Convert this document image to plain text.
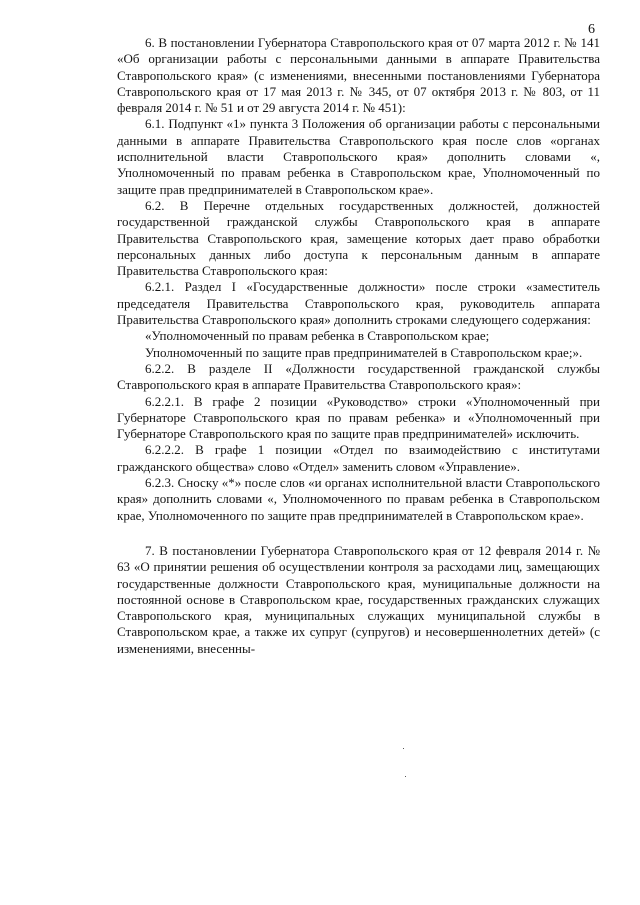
6

6. В постановлении Губернатора Ставропольского края от 07 марта 2012 г. № 141 «Об организации работы с персональными данными в аппарате Правительства Ставропольского края» (с изменениями, внесенными постановлениями Губернатора Ставропольского края от 17 мая 2013 г. № 345, от 07 октября 2013 г. № 803, от 11 февраля 2014 г. № 51 и от 29 августа 2014 г. № 451):

6.1. Подпункт «1» пункта 3 Положения об организации работы с персональными данными в аппарате Правительства Ставропольского края после слов «органах исполнительной власти Ставропольского края» дополнить словами «, Уполномоченный по правам ребенка в Ставропольском крае, Уполномоченный по защите прав предпринимателей в Ставропольском крае».

6.2. В Перечне отдельных государственных должностей, должностей государственной гражданской службы Ставропольского края в аппарате Правительства Ставропольского края, замещение которых дает право обработки персональных данных либо доступа к персональным данным в аппарате Правительства Ставропольского края:

6.2.1. Раздел I «Государственные должности» после строки «заместитель председателя Правительства Ставропольского края, руководитель аппарата Правительства Ставропольского края» дополнить строками следующего содержания:

«Уполномоченный по правам ребенка в Ставропольском крае;

Уполномоченный по защите прав предпринимателей в Ставропольском крае;».

6.2.2. В разделе II «Должности государственной гражданской службы Ставропольского края в аппарате Правительства Ставропольского края»:

6.2.2.1. В графе 2 позиции «Руководство» строки «Уполномоченный при Губернаторе Ставропольского края по правам ребенка» и «Уполномоченный при Губернаторе Ставропольского края по защите прав предпринимателей» исключить.

6.2.2.2. В графе 1 позиции «Отдел по взаимодействию с институтами гражданского общества» слово «Отдел» заменить словом «Управление».

6.2.3. Сноску «*» после слов «и органах исполнительной власти Ставропольского края» дополнить словами «, Уполномоченного по правам ребенка в Ставропольском крае, Уполномоченного по защите прав предпринимателей в Ставропольском крае».

7. В постановлении Губернатора Ставропольского края от 12 февраля 2014 г. № 63 «О принятии решения об осуществлении контроля за расходами лиц, замещающих государственные должности Ставропольского края, муниципальные должности на постоянной основе в Ставропольском крае, государственных гражданских служащих Ставропольского края, муниципальных служащих муниципальной службы в Ставропольском крае, а также их супруг (супругов) и несовершеннолетних детей» (с изменениями, внесенны-
